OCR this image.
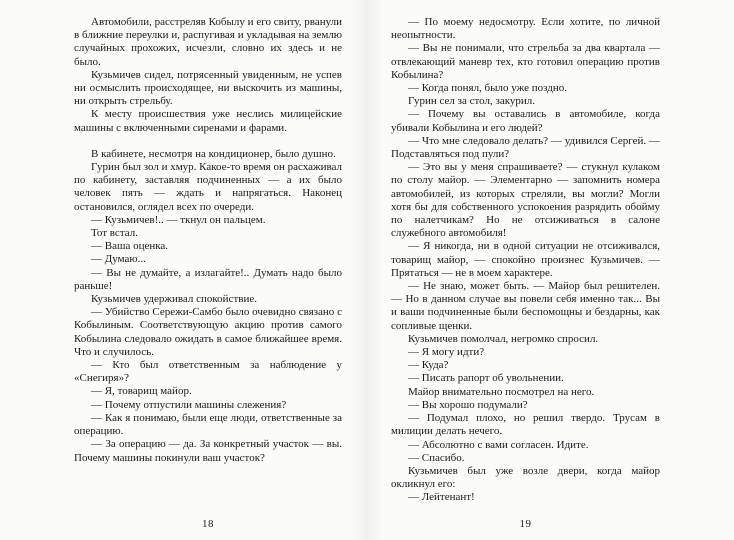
Автомобили, расстреляв Кобылу и его свиту, рванули в ближние переулки и, распугивая и укладывая на землю случайных прохожих, исчезли, словно их здесь и не было.

Кузьмичев сидел, потрясенный увиденным, не успев ни осмыслить происходящее, ни выскочить из машины, ни открыть стрельбу.

К месту происшествия уже неслись милицейские машины с включенными сиренами и фарами.

В кабинете, несмотря на кондиционер, было душно.

Гурин был зол и хмур. Какое-то время он расхаживал по кабинету, заставляя подчиненных — а их было человек пять — ждать и напрягаться. Наконец остановился, оглядел всех по очереди.

— Кузьмичев!.. — ткнул он пальцем.

Тот встал.

— Ваша оценка.

— Думаю...

— Вы не думайте, а излагайте!.. Думать надо было раньше!

Кузьмичев удерживал спокойствие.

— Убийство Сережи-Самбо было очевидно связано с Кобылиным. Соответствующую акцию против самого Кобылина следовало ожидать в самое ближайшее время. Что и случилось.

— Кто был ответственным за наблюдение у «Снегиря»?

— Я, товарищ майор.

— Почему отпустили машины слежения?

— Как я понимаю, были еще люди, ответственные за операцию.

— За операцию — да. За конкретный участок — вы. Почему машины покинули ваш участок?

18

— По моему недосмотру. Если хотите, по личной неопытности.

— Вы не понимали, что стрельба за два квартала — отвлекающий маневр тех, кто готовил операцию против Кобылина?

— Когда понял, было уже поздно.

Гурин сел за стол, закурил.

— Почему вы оставались в автомобиле, когда убивали Кобылина и его людей?

— Что мне следовало делать? — удивился Сергей. — Подставляться под пули?

— Это вы у меня спрашиваете? — стукнул кулаком по столу майор. — Элементарно — запомнить номера автомобилей, из которых стреляли, вы могли? Могли хотя бы для собственного успокоения разрядить обойму по налетчикам? Но не отсиживаться в салоне служебного автомобиля!

— Я никогда, ни в одной ситуации не отсиживался, товарищ майор, — спокойно произнес Кузьмичев. — Прятаться — не в моем характере.

— Не знаю, может быть. — Майор был решителен. — Но в данном случае вы повели себя именно так... Вы и ваши подчиненные были беспомощны и бездарны, как сопливые щенки.

Кузьмичев помолчал, негромко спросил.

— Я могу идти?

— Куда?

— Писать рапорт об увольнении.

Майор внимательно посмотрел на него.

— Вы хорошо подумали?

— Подумал плохо, но решил твердо. Трусам в милиции делать нечего.

— Абсолютно с вами согласен. Идите.

— Спасибо.

Кузьмичев был уже возле двери, когда майор окликнул его:

— Лейтенант!

19
